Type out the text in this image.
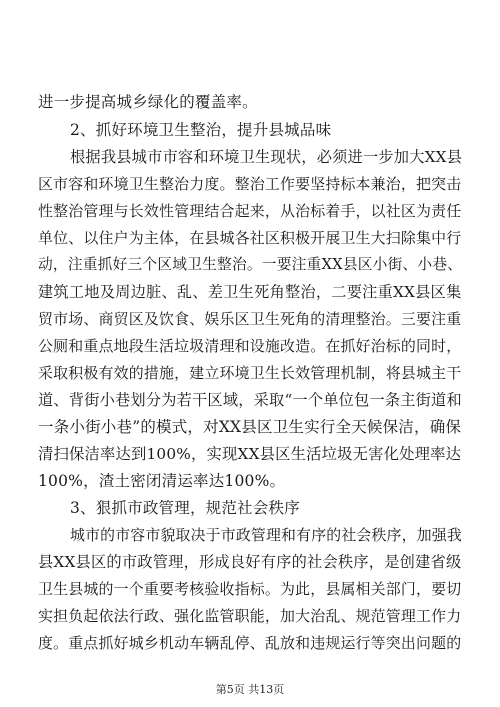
进一步提高城乡绿化的覆盖率。
2、抓好环境卫生整治，提升县城品味
根据我县城市市容和环境卫生现状，必须进一步加大XX县
区市容和环境卫生整治力度。整治工作要坚持标本兼治，把突击
性整治管理与长效性管理结合起来，从治标着手，以社区为责任
单位、以住户为主体，在县城各社区积极开展卫生大扫除集中行
动，注重抓好三个区域卫生整治。一要注重XX县区小街、小巷、
建筑工地及周边脏、乱、差卫生死角整治，二要注重XX县区集
贸市场、商贸区及饮食、娱乐区卫生死角的清理整治。三要注重
公厕和重点地段生活垃圾清理和设施改造。在抓好治标的同时，
采取积极有效的措施，建立环境卫生长效管理机制，将县城主干
道、背街小巷划分为若干区域，采取“一个单位包一条主街道和
一条小街小巷”的模式，对XX县区卫生实行全天候保洁，确保
清扫保洁率达到100%，实现XX县区生活垃圾无害化处理率达
100%，渣土密闭清运率达100%。
3、狠抓市政管理，规范社会秩序
城市的市容市貌取决于市政管理和有序的社会秩序，加强我
县XX县区的市政管理，形成良好有序的社会秩序，是创建省级
卫生县城的一个重要考核验收指标。为此，县属相关部门，要切
实担负起依法行政、强化监管职能，加大治乱、规范管理工作力
度。重点抓好城乡机动车辆乱停、乱放和违规运行等突出问题的
第5页 共13页
